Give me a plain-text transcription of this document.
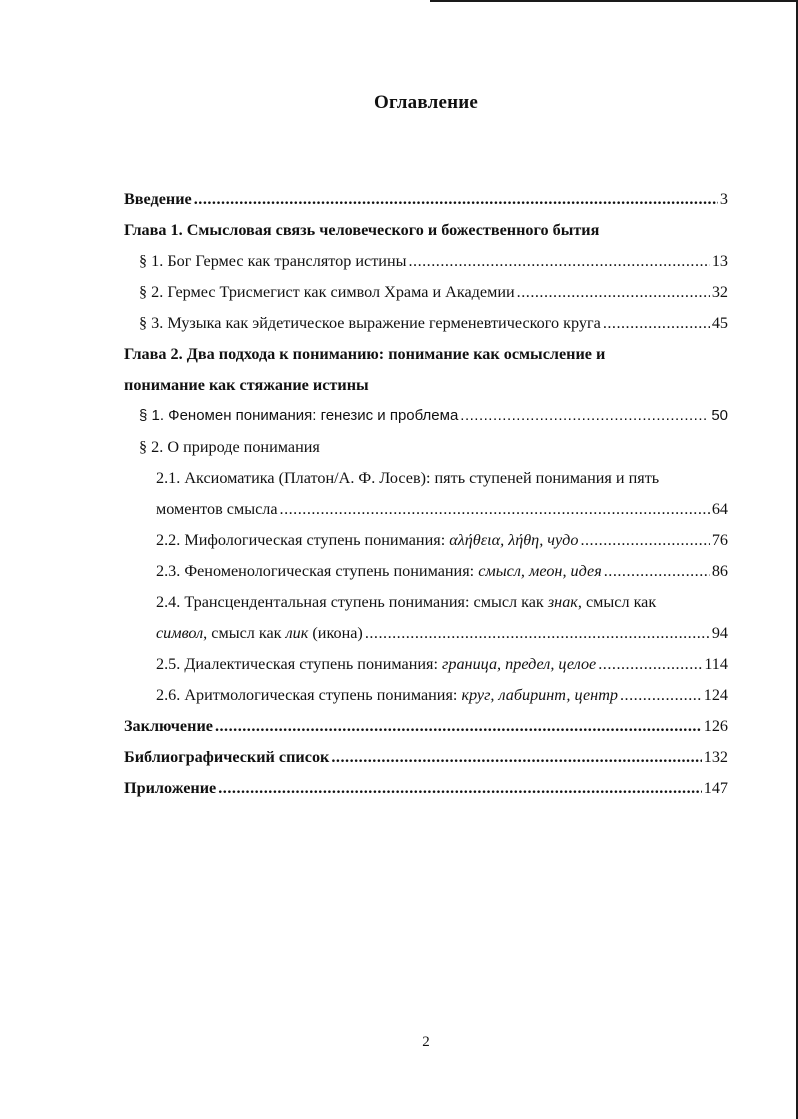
Оглавление
Введение .....	3
Глава 1. Смысловая связь человеческого и божественного бытия
§ 1. Бог Гермес как транслятор истины .....	13
§ 2. Гермес Трисмегист как символ Храма и Академии .....	32
§ 3. Музыка как эйдетическое выражение герменевтического круга .....	45
Глава 2. Два подхода к пониманию: понимание как осмысление и
понимание как стяжание истины
§ 1. Феномен понимания: генезис и проблема .....	50
§ 2. О природе понимания
2.1. Аксиоматика (Платон/А. Ф. Лосев): пять ступеней понимания и пять
моментов смысла .....	64
2.2. Мифологическая ступень понимания: αλήθεια, λήθη, чудо .....	76
2.3. Феноменологическая ступень понимания: смысл, меон, идея .....	86
2.4. Трансцендентальная ступень понимания: смысл как знак, смысл как
символ, смысл как лик (икона) .....	94
2.5. Диалектическая ступень понимания: граница, предел, целое .....	114
2.6. Аритмологическая ступень понимания: круг, лабиринт, центр .....	124
Заключение .....	126
Библиографический список .....	132
Приложение .....	147
2
